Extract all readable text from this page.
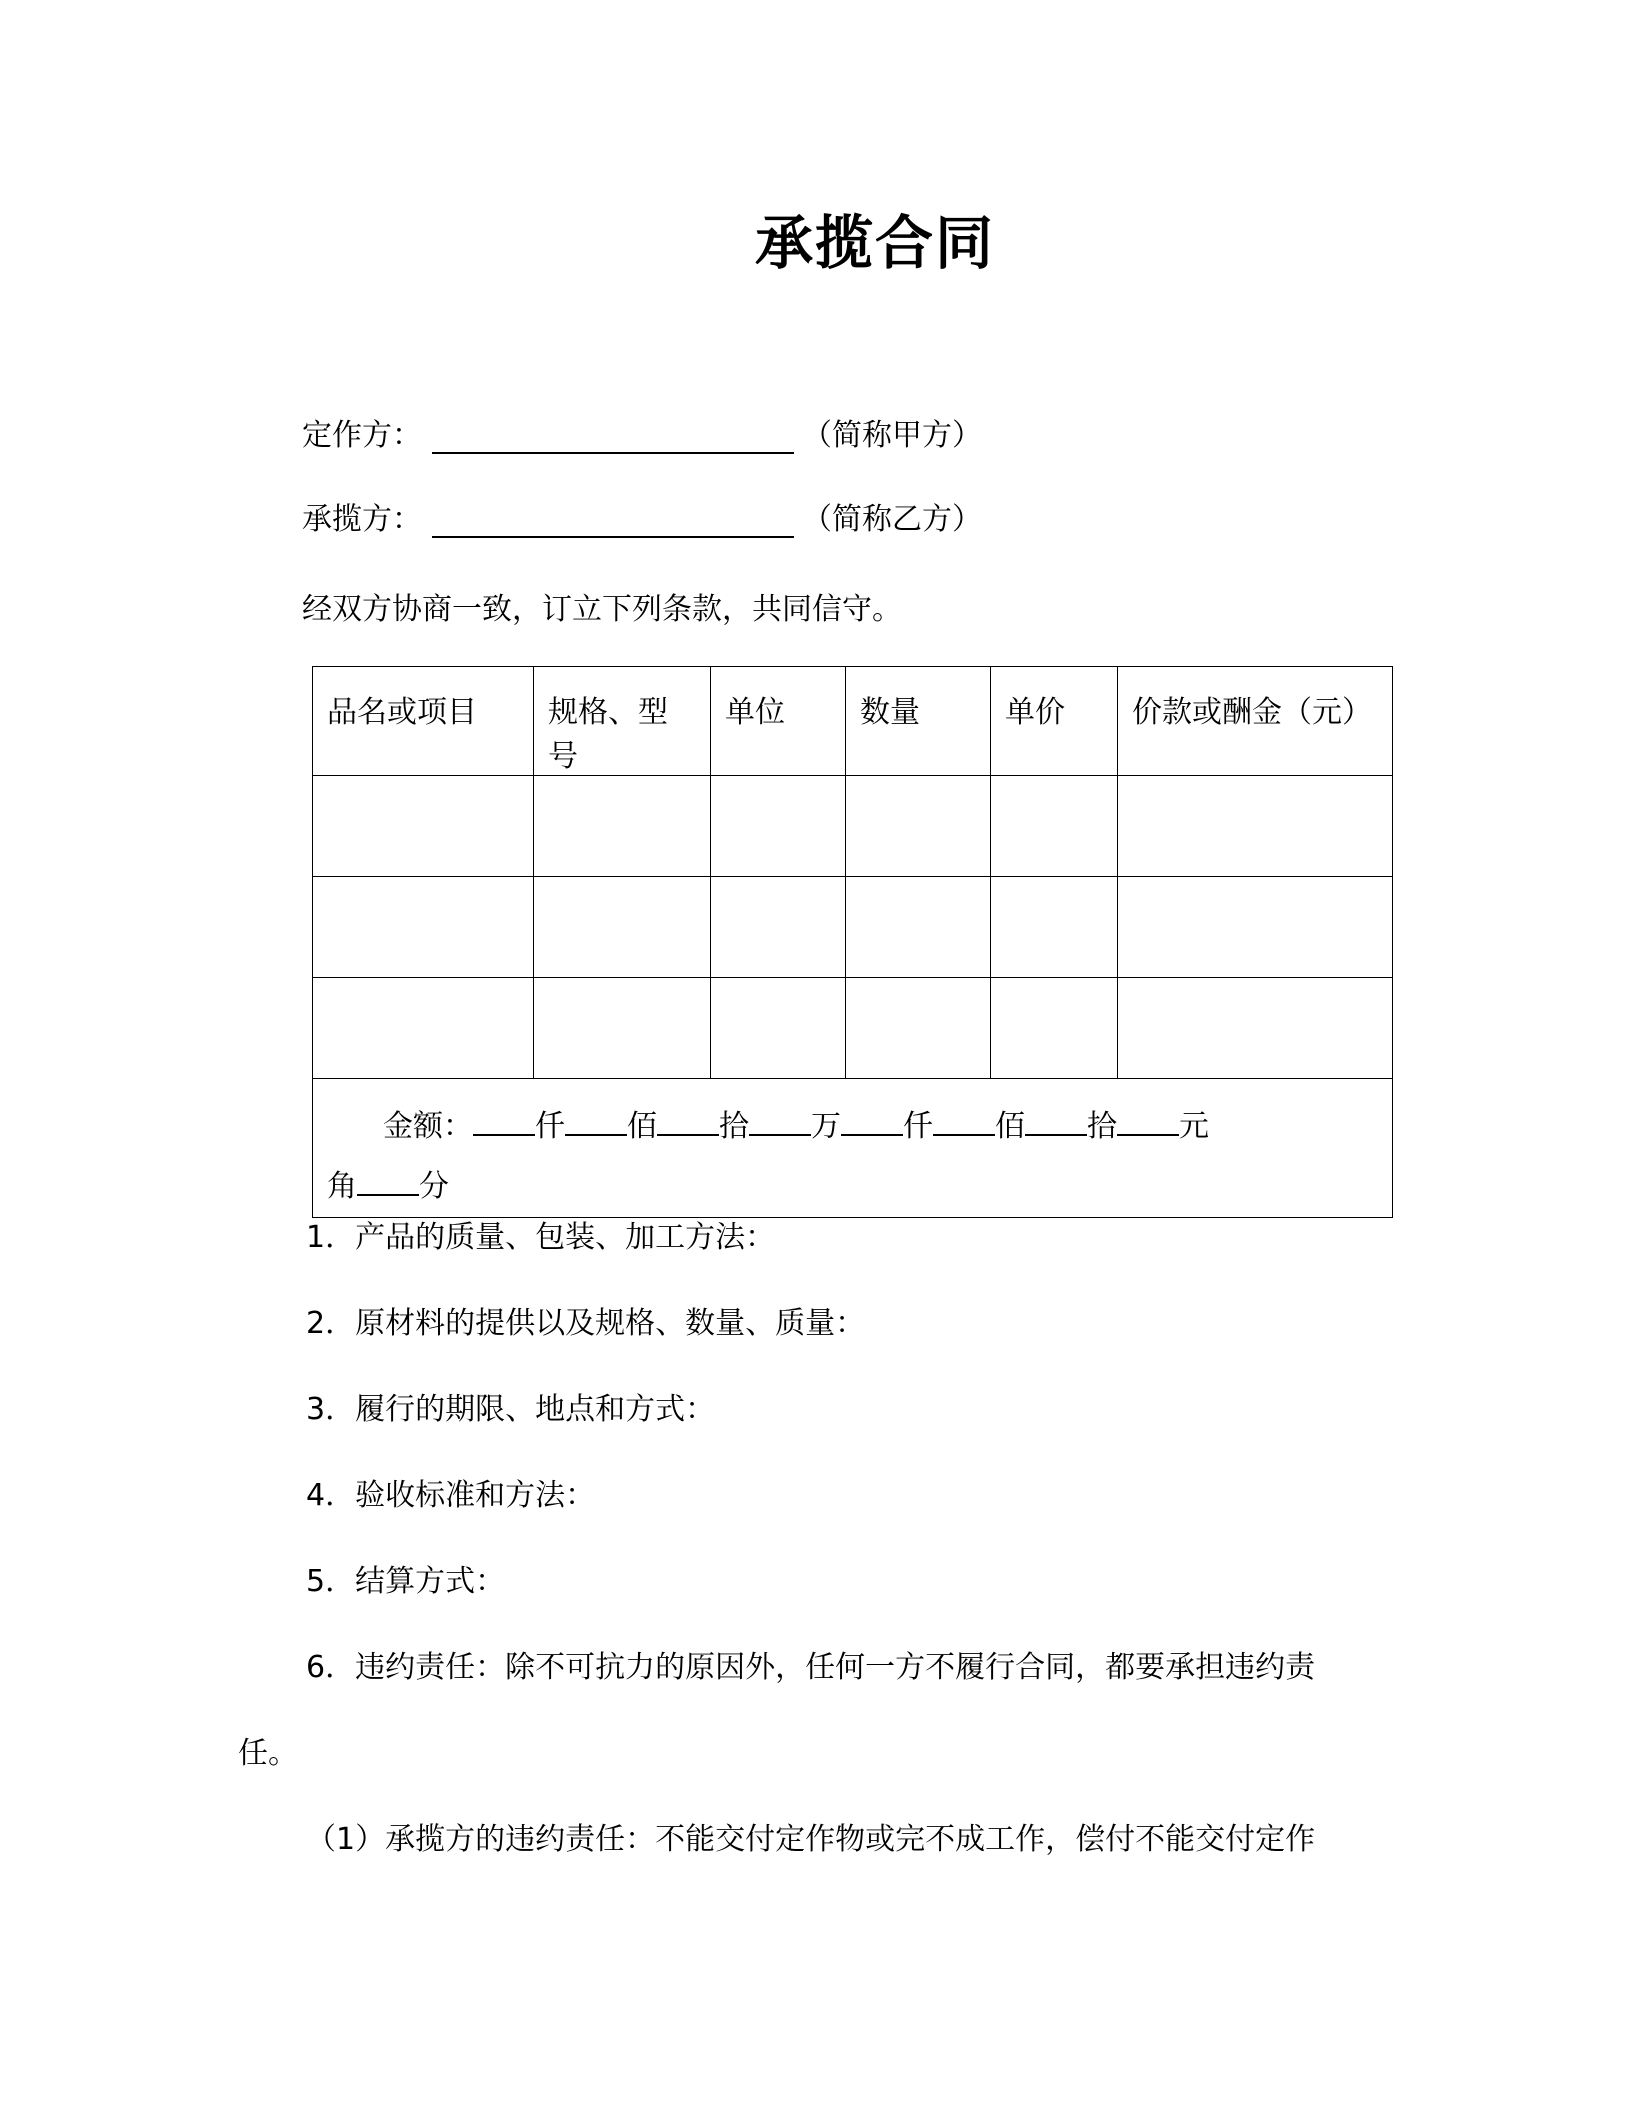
承揽合同
定作方：	（简称甲方）
承揽方：	（简称乙方）
经双方协商一致，订立下列条款，共同信守。
品名或项目	规格、型号	单位	数量	单价	价款或酬金（元）

金额： 仟 佰 拾 万 仟 佰 拾 元
角 分					
1．产品的质量、包装、加工方法：
2．原材料的提供以及规格、数量、质量：
3．履行的期限、地点和方式：
4．验收标准和方法：
5．结算方式：
6．违约责任：除不可抗力的原因外，任何一方不履行合同，都要承担违约责
任。
（1）承揽方的违约责任：不能交付定作物或完不成工作，偿付不能交付定作
